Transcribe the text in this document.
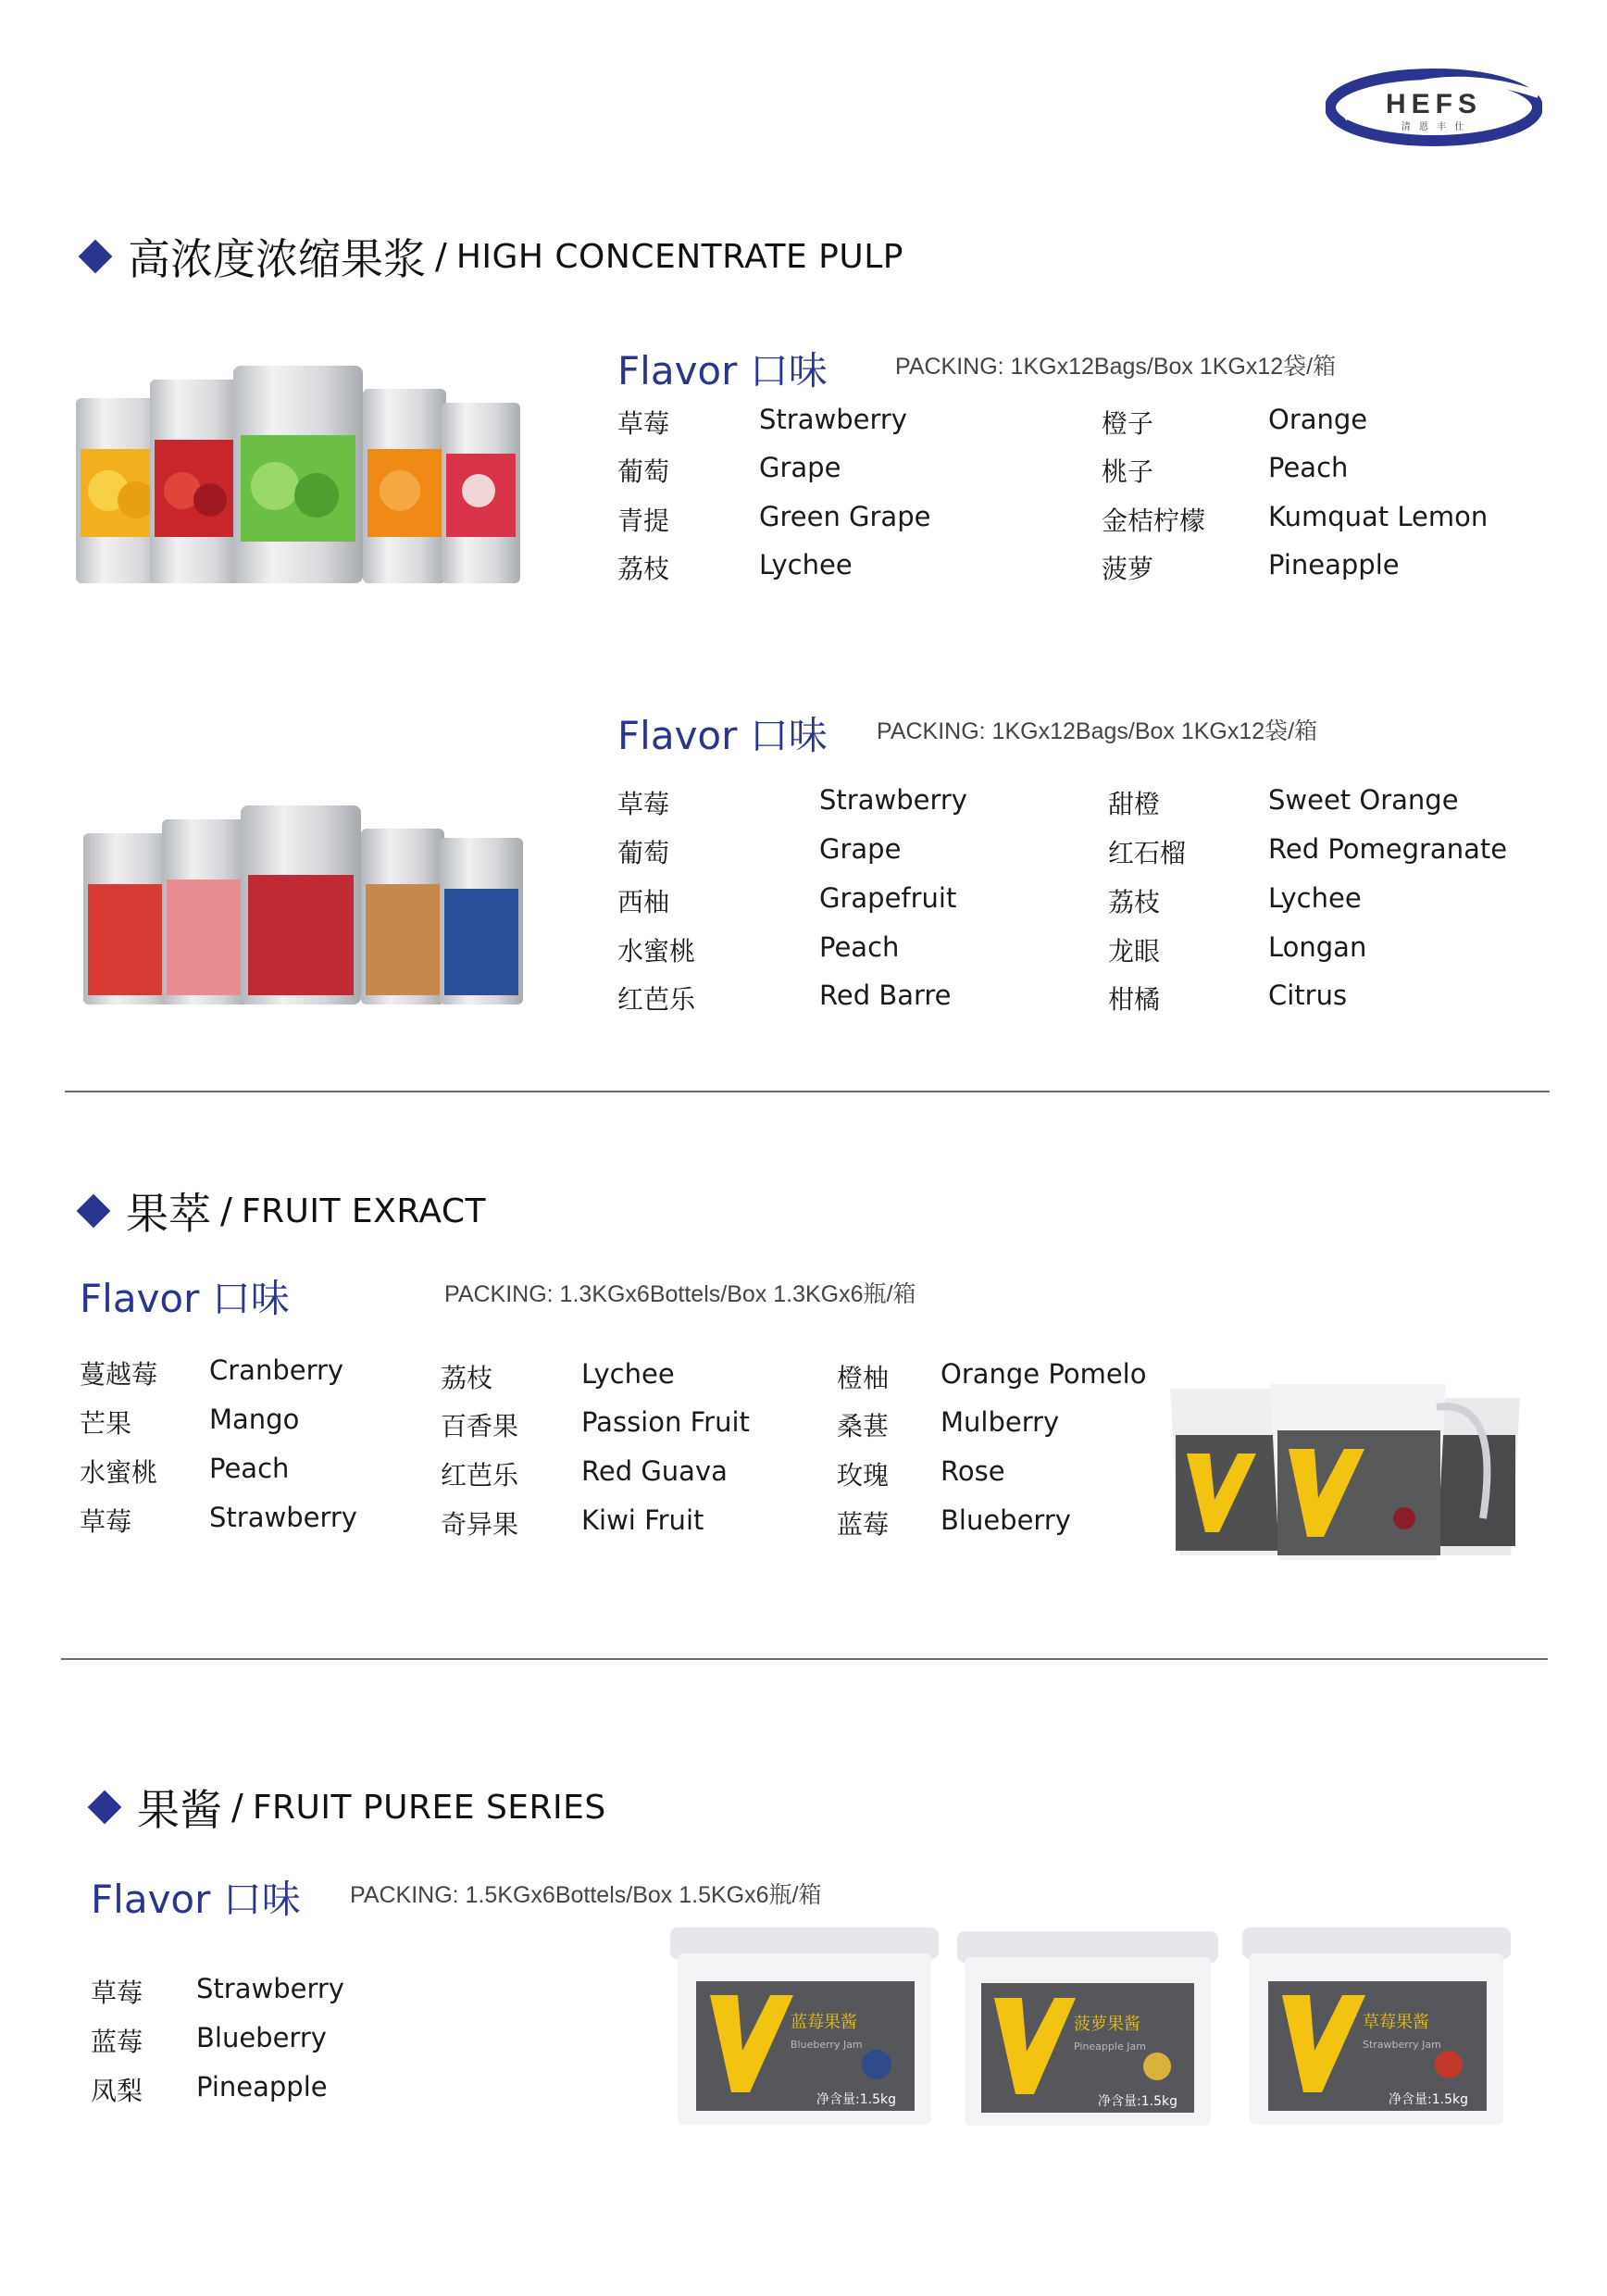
HEFS
清 恩 丰 仕
高浓度浓缩果浆 / HIGH CONCENTRATE PULP
Flavor 口味	PACKING: 1KGx12Bags/Box 1KGx12袋/箱
草莓	Strawberry
葡萄	Grape
青提	Green Grape
荔枝	Lychee
橙子	Orange
桃子	Peach
金桔柠檬 Kumquat Lemon
菠萝	Pineapple
Flavor 口味 PACKING: 1KGx12Bags/Box 1KGx12袋/箱
草莓	Strawberry
葡萄	Grape
西柚	Grapefruit
水蜜桃	Peach
红芭乐	Red Barre
甜橙	Sweet Orange
红石榴	Red Pomegranate
荔枝	Lychee
龙眼	Longan
柑橘	Citrus
果萃 / FRUIT EXRACT
Flavor 口味	PACKING: 1.3KGx6Bottels/Box 1.3KGx6瓶/箱
蔓越莓 Cranberry
芒果	Mango
水蜜桃 Peach
草莓	Strawberry
荔枝	Lychee
百香果 Passion Fruit
红芭乐 Red Guava
奇异果 Kiwi Fruit
橙柚 Orange Pomelo
桑葚 Mulberry
玫瑰 Rose
蓝莓 Blueberry
果酱 / FRUIT PUREE SERIES
Flavor 口味 PACKING: 1.5KGx6Bottels/Box 1.5KGx6瓶/箱
草莓 Strawberry
蓝莓 Blueberry
凤梨 Pineapple
蓝莓果酱
Blueberry Jam
净含量:1.5kg
菠萝果酱
Pineapple Jam
净含量:1.5kg
草莓果酱
Strawberry Jam
净含量:1.5kg
